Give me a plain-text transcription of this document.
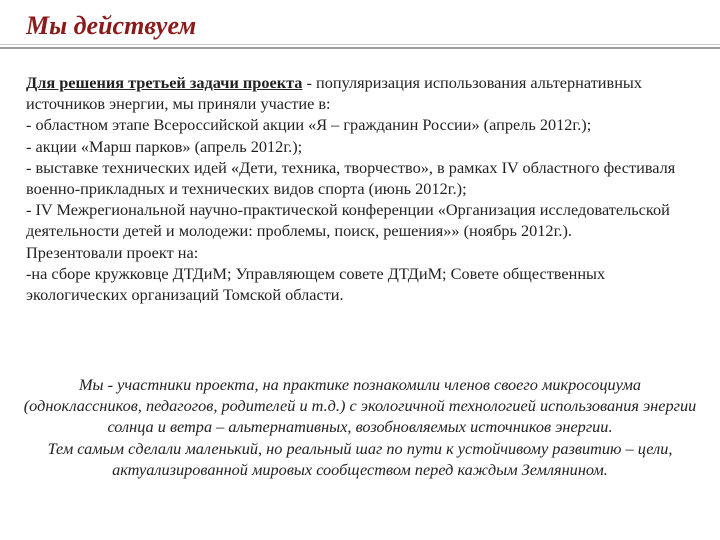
Мы действуем

Для решения третьей задачи проекта - популяризация использования альтернативных источников энергии, мы приняли участие в:

- областном этапе Всероссийской акции «Я – гражданин России» (апрель 2012г.);

- акции «Марш парков» (апрель 2012г.);

- выставке технических идей «Дети, техника, творчество», в рамках IV областного фестиваля военно-прикладных и технических видов спорта (июнь 2012г.);

- IV Межрегиональной научно-практической конференции «Организация исследовательской деятельности детей и молодежи: проблемы, поиск, решения»» (ноябрь 2012г.).

Презентовали проект на:

-на сборе кружковце ДТДиМ; Управляющем совете ДТДиМ; Совете общественных экологических организаций Томской области.

Мы - участники проекта, на практике познакомили членов своего микросоциума (одноклассников, педагогов, родителей и т.д.) с экологичной технологией использования энергии солнца и ветра – альтернативных, возобновляемых источников энергии.

Тем самым сделали маленький, но реальный шаг по пути к устойчивому развитию – цели, актуализированной мировых сообществом перед каждым Землянином.
